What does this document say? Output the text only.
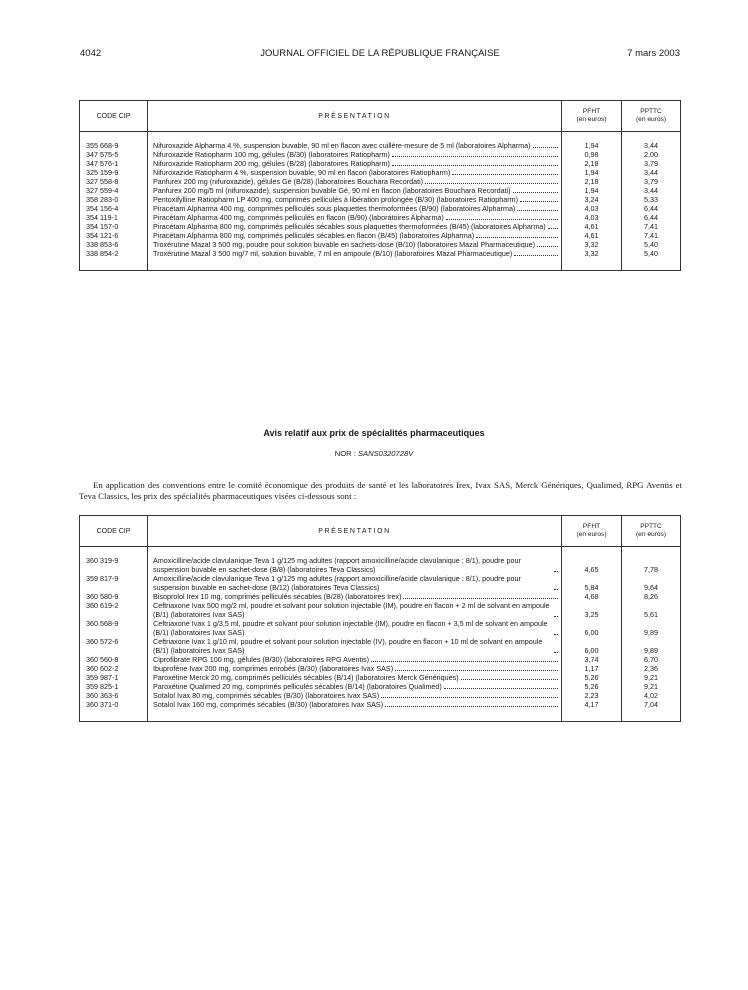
4042	JOURNAL OFFICIEL DE LA RÉPUBLIQUE FRANÇAISE	7 mars 2003
CODE CIP	PRÉSENTATION	PFHT
(en euros)	PPTTC
(en euros)
355 668-9	Nifuroxazide Alpharma 4 %, suspension buvable, 90 ml en flacon avec cuillère-mesure de 5 ml (laboratoires Alpharma)	1,94	3,44
347 575-5	Nifuroxazide Ratiopharm 100 mg, gélules (B/30) (laboratoires Ratiopharm)	0,98	2,00
347 576-1	Nifuroxazide Ratiopharm 200 mg, gélules (B/28) (laboratoires Ratiopharm)	2,18	3,79
325 159-9	Nifuroxazide Ratiopharm 4 %, suspension buvable, 90 ml en flacon (laboratoires Ratiopharm)	1,94	3,44
327 558-8	Panfurex 200 mg (nifuroxazide), gélules Gé (B/28) (laboratoires Bouchara Recordati)	2,18	3,79
327 559-4	Panfurex 200 mg/5 ml (nifuroxazide), suspension buvable Gé, 90 ml en flacon (laboratoires Bouchara Recordati)	1,94	3,44
358 283-0	Pentoxifylline Ratiopharm LP 400 mg, comprimés pelliculés à libération prolongée (B/30) (laboratoires Ratiopharm)	3,24	5,33
354 156-4	Piracétam Alpharma 400 mg, comprimés pelliculés sous plaquettes thermoformées (B/90) (laboratoires Alpharma)	4,03	6,44
354 119-1	Piracétam Alpharma 400 mg, comprimés pelliculés en flacon (B/90) (laboratoires Alpharma)	4,03	6,44
354 157-0	Piracétam Alpharma 800 mg, comprimés pelliculés sécables sous plaquettes thermoformées (B/45) (laboratoires Alpharma)	4,61	7,41
354 121-6	Piracétam Alpharma 800 mg, comprimés pelliculés sécables en flacon (B/45) (laboratoires Alpharma)	4,61	7,41
338 853-6	Troxérutine Mazal 3 500 mg, poudre pour solution buvable en sachets-dose (B/10) (laboratoires Mazal Pharmaceutique)	3,32	5,40
338 854-2	Troxérutine Mazal 3 500 mg/7 ml, solution buvable, 7 ml en ampoule (B/10) (laboratoires Mazal Pharmaceutique)	3,32	5,40
Avis relatif aux prix de spécialités pharmaceutiques
NOR : SANS0320728V
En application des conventions entre le comité économique des produits de santé et les laboratoires Irex, Ivax SAS, Merck Génériques, Qualimed, RPG Aventis et Teva Classics, les prix des spécialités pharmaceutiques visées ci-dessous sont :
CODE CIP	PRÉSENTATION	PFHT
(en euros)	PPTTC
(en euros)
360 319-9	Amoxicilline/acide clavulanique Teva 1 g/125 mg adultes (rapport amoxicilline/acide clavulanique : 8/1), poudre pour suspension buvable en sachet-dose (B/8) (laboratoires Teva Classics)	4,65	7,78
359 817-9	Amoxicilline/acide clavulanique Teva 1 g/125 mg adultes (rapport amoxicilline/acide clavulanique : 8/1), poudre pour suspension buvable en sachet-dose (B/12) (laboratoires Teva Classics)	5,84	9,64
360 580-9	Bisoprolol Irex 10 mg, comprimés pelliculés sécables (B/28) (laboratoires Irex)	4,68	8,26
360 619-2	Ceftriaxone Ivax 500 mg/2 ml, poudre et solvant pour solution injectable (IM), poudre en flacon + 2 ml de solvant en ampoule (B/1) (laboratoires Ivax SAS)	3,25	5,61
360 568-9	Ceftriaxone Ivax 1 g/3,5 ml, poudre et solvant pour solution injectable (IM), poudre en flacon + 3,5 ml de solvant en ampoule (B/1) (laboratoires Ivax SAS)	6,00	9,89
360 572-6	Ceftriaxone Ivax 1 g/10 ml, poudre et solvant pour solution injectable (IV), poudre en flacon + 10 ml de solvant en ampoule (B/1) (laboratoires Ivax SAS)	6,00	9,89
360 560-8	Ciprofibrate RPG 100 mg, gélules (B/30) (laboratoires RPG Aventis)	3,74	6,70
360 602-2	Ibuprofène Ivax 200 mg, comprimés enrobés (B/30) (laboratoires Ivax SAS)	1,17	2,36
359 987-1	Paroxétine Merck 20 mg, comprimés pelliculés sécables (B/14) (laboratoires Merck Génériques)	5,26	9,21
359 825-1	Paroxétine Qualimed 20 mg, comprimés pelliculés sécables (B/14) (laboratoires Qualimed)	5,26	9,21
360 363-6	Sotalol Ivax 80 mg, comprimés sécables (B/30) (laboratoires Ivax SAS)	2,23	4,02
360 371-0	Sotalol Ivax 160 mg, comprimés sécables (B/30) (laboratoires Ivax SAS)	4,17	7,04
